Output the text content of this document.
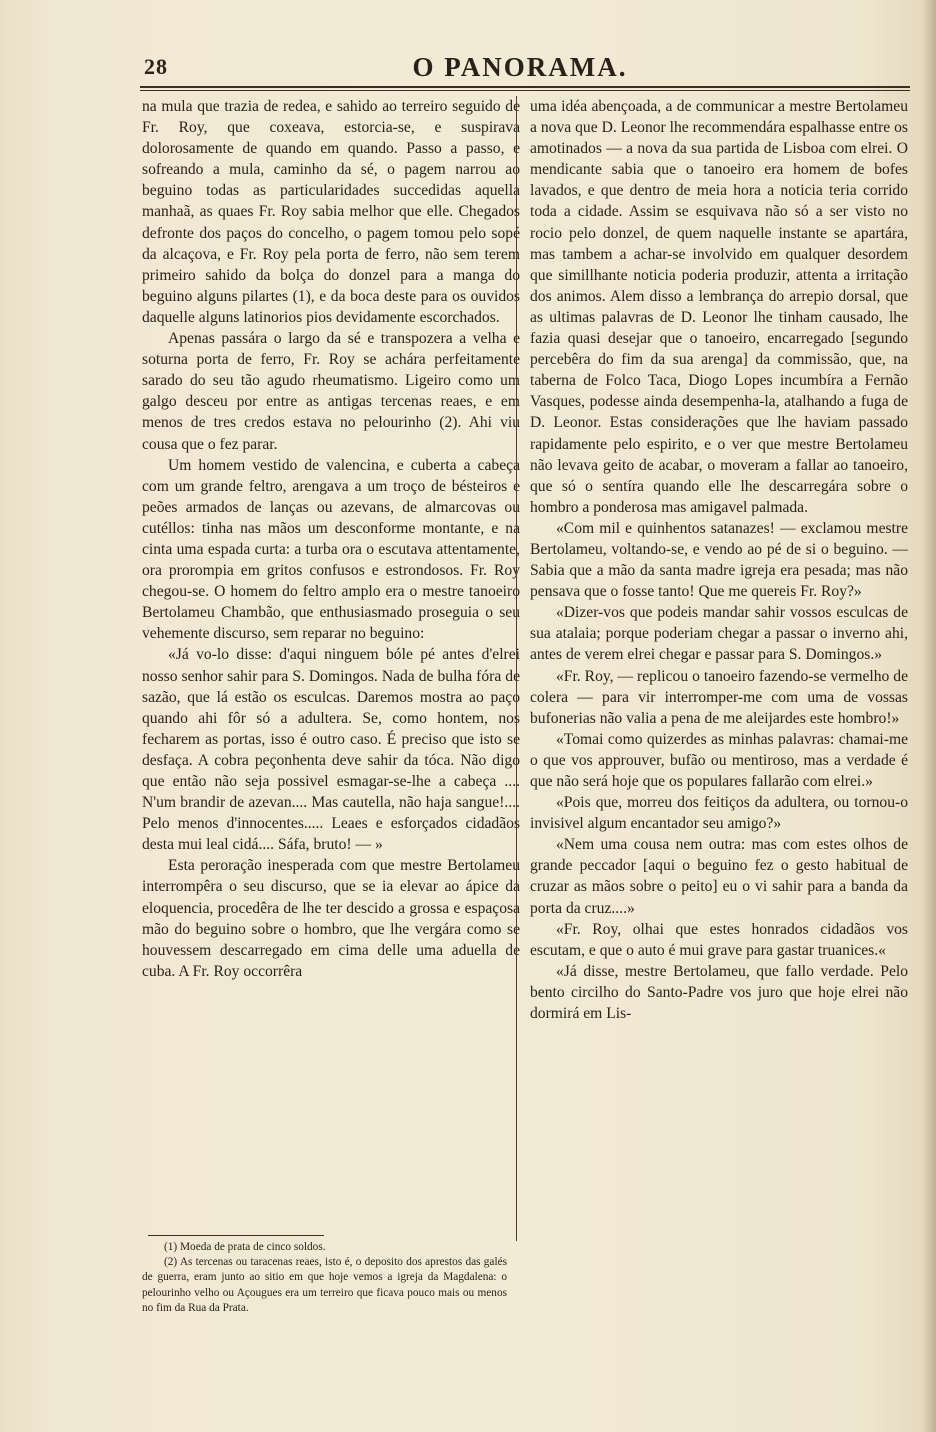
28	O PANORAMA.

na mula que trazia de redea, e sahido ao terreiro seguido de Fr. Roy, que coxeava, estorcia-se, e suspirava dolorosamente de quando em quando. Passo a passo, e sofreando a mula, caminho da sé, o pagem narrou ao beguino todas as particularidades succedidas aquella manhaã, as quaes Fr. Roy sabia melhor que elle. Chegados defronte dos paços do concelho, o pagem tomou pelo sopé da alcaçova, e Fr. Roy pela porta de ferro, não sem terem primeiro sahido da bolça do donzel para a manga do beguino alguns pilartes (1), e da boca deste para os ouvidos daquelle alguns latinorios pios devidamente escorchados.

Apenas passára o largo da sé e transpozera a velha e soturna porta de ferro, Fr. Roy se achára perfeitamente sarado do seu tão agudo rheumatismo. Ligeiro como um galgo desceu por entre as antigas tercenas reaes, e em menos de tres credos estava no pelourinho (2). Ahi viu cousa que o fez parar.

Um homem vestido de valencina, e cuberta a cabeça com um grande feltro, arengava a um troço de bésteiros e peões armados de lanças ou azevans, de almarcovas ou cutéllos: tinha nas mãos um desconforme montante, e na cinta uma espada curta: a turba ora o escutava attentamente, ora prorompia em gritos confusos e estrondosos. Fr. Roy chegou-se. O homem do feltro amplo era o mestre tanoeiro Bertolameu Chambão, que enthusiasmado proseguia o seu vehemente discurso, sem reparar no beguino:

«Já vo-lo disse: d'aqui ninguem bóle pé antes d'elrei nosso senhor sahir para S. Domingos. Nada de bulha fóra de sazão, que lá estão os esculcas. Daremos mostra ao paço quando ahi fôr só a adultera. Se, como hontem, nos fecharem as portas, isso é outro caso. É preciso que isto se desfaça. A cobra peçonhenta deve sahir da tóca. Não digo que então não seja possivel esmagar-se-lhe a cabeça .... N'um brandir de azevan.... Mas cautella, não haja sangue!.... Pelo menos d'innocentes..... Leaes e esforçados cidadãos desta mui leal cidá.... Sáfa, bruto! — »

Esta peroração inesperada com que mestre Bertolameu interrompêra o seu discurso, que se ia elevar ao ápice da eloquencia, procedêra de lhe ter descido a grossa e espaçosa mão do beguino sobre o hombro, que lhe vergára como se houvessem descarregado em cima delle uma aduella de cuba. A Fr. Roy occorrêra

uma idéa abençoada, a de communicar a mestre Bertolameu a nova que D. Leonor lhe recommendára espalhasse entre os amotinados — a nova da sua partida de Lisboa com elrei. O mendicante sabia que o tanoeiro era homem de bofes lavados, e que dentro de meia hora a noticia teria corrido toda a cidade. Assim se esquivava não só a ser visto no rocio pelo donzel, de quem naquelle instante se apartára, mas tambem a achar-se involvido em qualquer desordem que simillhante noticia poderia produzir, attenta a irritação dos animos. Alem disso a lembrança do arrepio dorsal, que as ultimas palavras de D. Leonor lhe tinham causado, lhe fazia quasi desejar que o tanoeiro, encarregado [segundo percebêra do fim da sua arenga] da commissão, que, na taberna de Folco Taca, Diogo Lopes incumbíra a Fernão Vasques, podesse ainda desempenha-la, atalhando a fuga de D. Leonor. Estas considerações que lhe haviam passado rapidamente pelo espirito, e o ver que mestre Bertolameu não levava geito de acabar, o moveram a fallar ao tanoeiro, que só o sentíra quando elle lhe descarregára sobre o hombro a ponderosa mas amigavel palmada.

«Com mil e quinhentos satanazes! — exclamou mestre Bertolameu, voltando-se, e vendo ao pé de si o beguino. — Sabia que a mão da santa madre igreja era pesada; mas não pensava que o fosse tanto! Que me quereis Fr. Roy?»

«Dizer-vos que podeis mandar sahir vossos esculcas de sua atalaia; porque poderiam chegar a passar o inverno ahi, antes de verem elrei chegar e passar para S. Domingos.»

«Fr. Roy, — replicou o tanoeiro fazendo-se vermelho de colera — para vir interromper-me com uma de vossas bufonerias não valia a pena de me aleijardes este hombro!»

«Tomai como quizerdes as minhas palavras: chamai-me o que vos approuver, bufão ou mentiroso, mas a verdade é que não será hoje que os populares fallarão com elrei.»

«Pois que, morreu dos feitiços da adultera, ou tornou-o invisivel algum encantador seu amigo?»

«Nem uma cousa nem outra: mas com estes olhos de grande peccador [aqui o beguino fez o gesto habitual de cruzar as mãos sobre o peito] eu o vi sahir para a banda da porta da cruz....»

«Fr. Roy, olhai que estes honrados cidadãos vos escutam, e que o auto é mui grave para gastar truanices.«

«Já disse, mestre Bertolameu, que fallo verdade. Pelo bento circilho do Santo-Padre vos juro que hoje elrei não dormirá em Lis-

(1) Moeda de prata de cinco soldos.

(2) As tercenas ou taracenas reaes, isto é, o deposito dos aprestos das galés de guerra, eram junto ao sitio em que hoje vemos a igreja da Magdalena: o pelourinho velho ou Açougues era um terreiro que ficava pouco mais ou menos no fim da Rua da Prata.
